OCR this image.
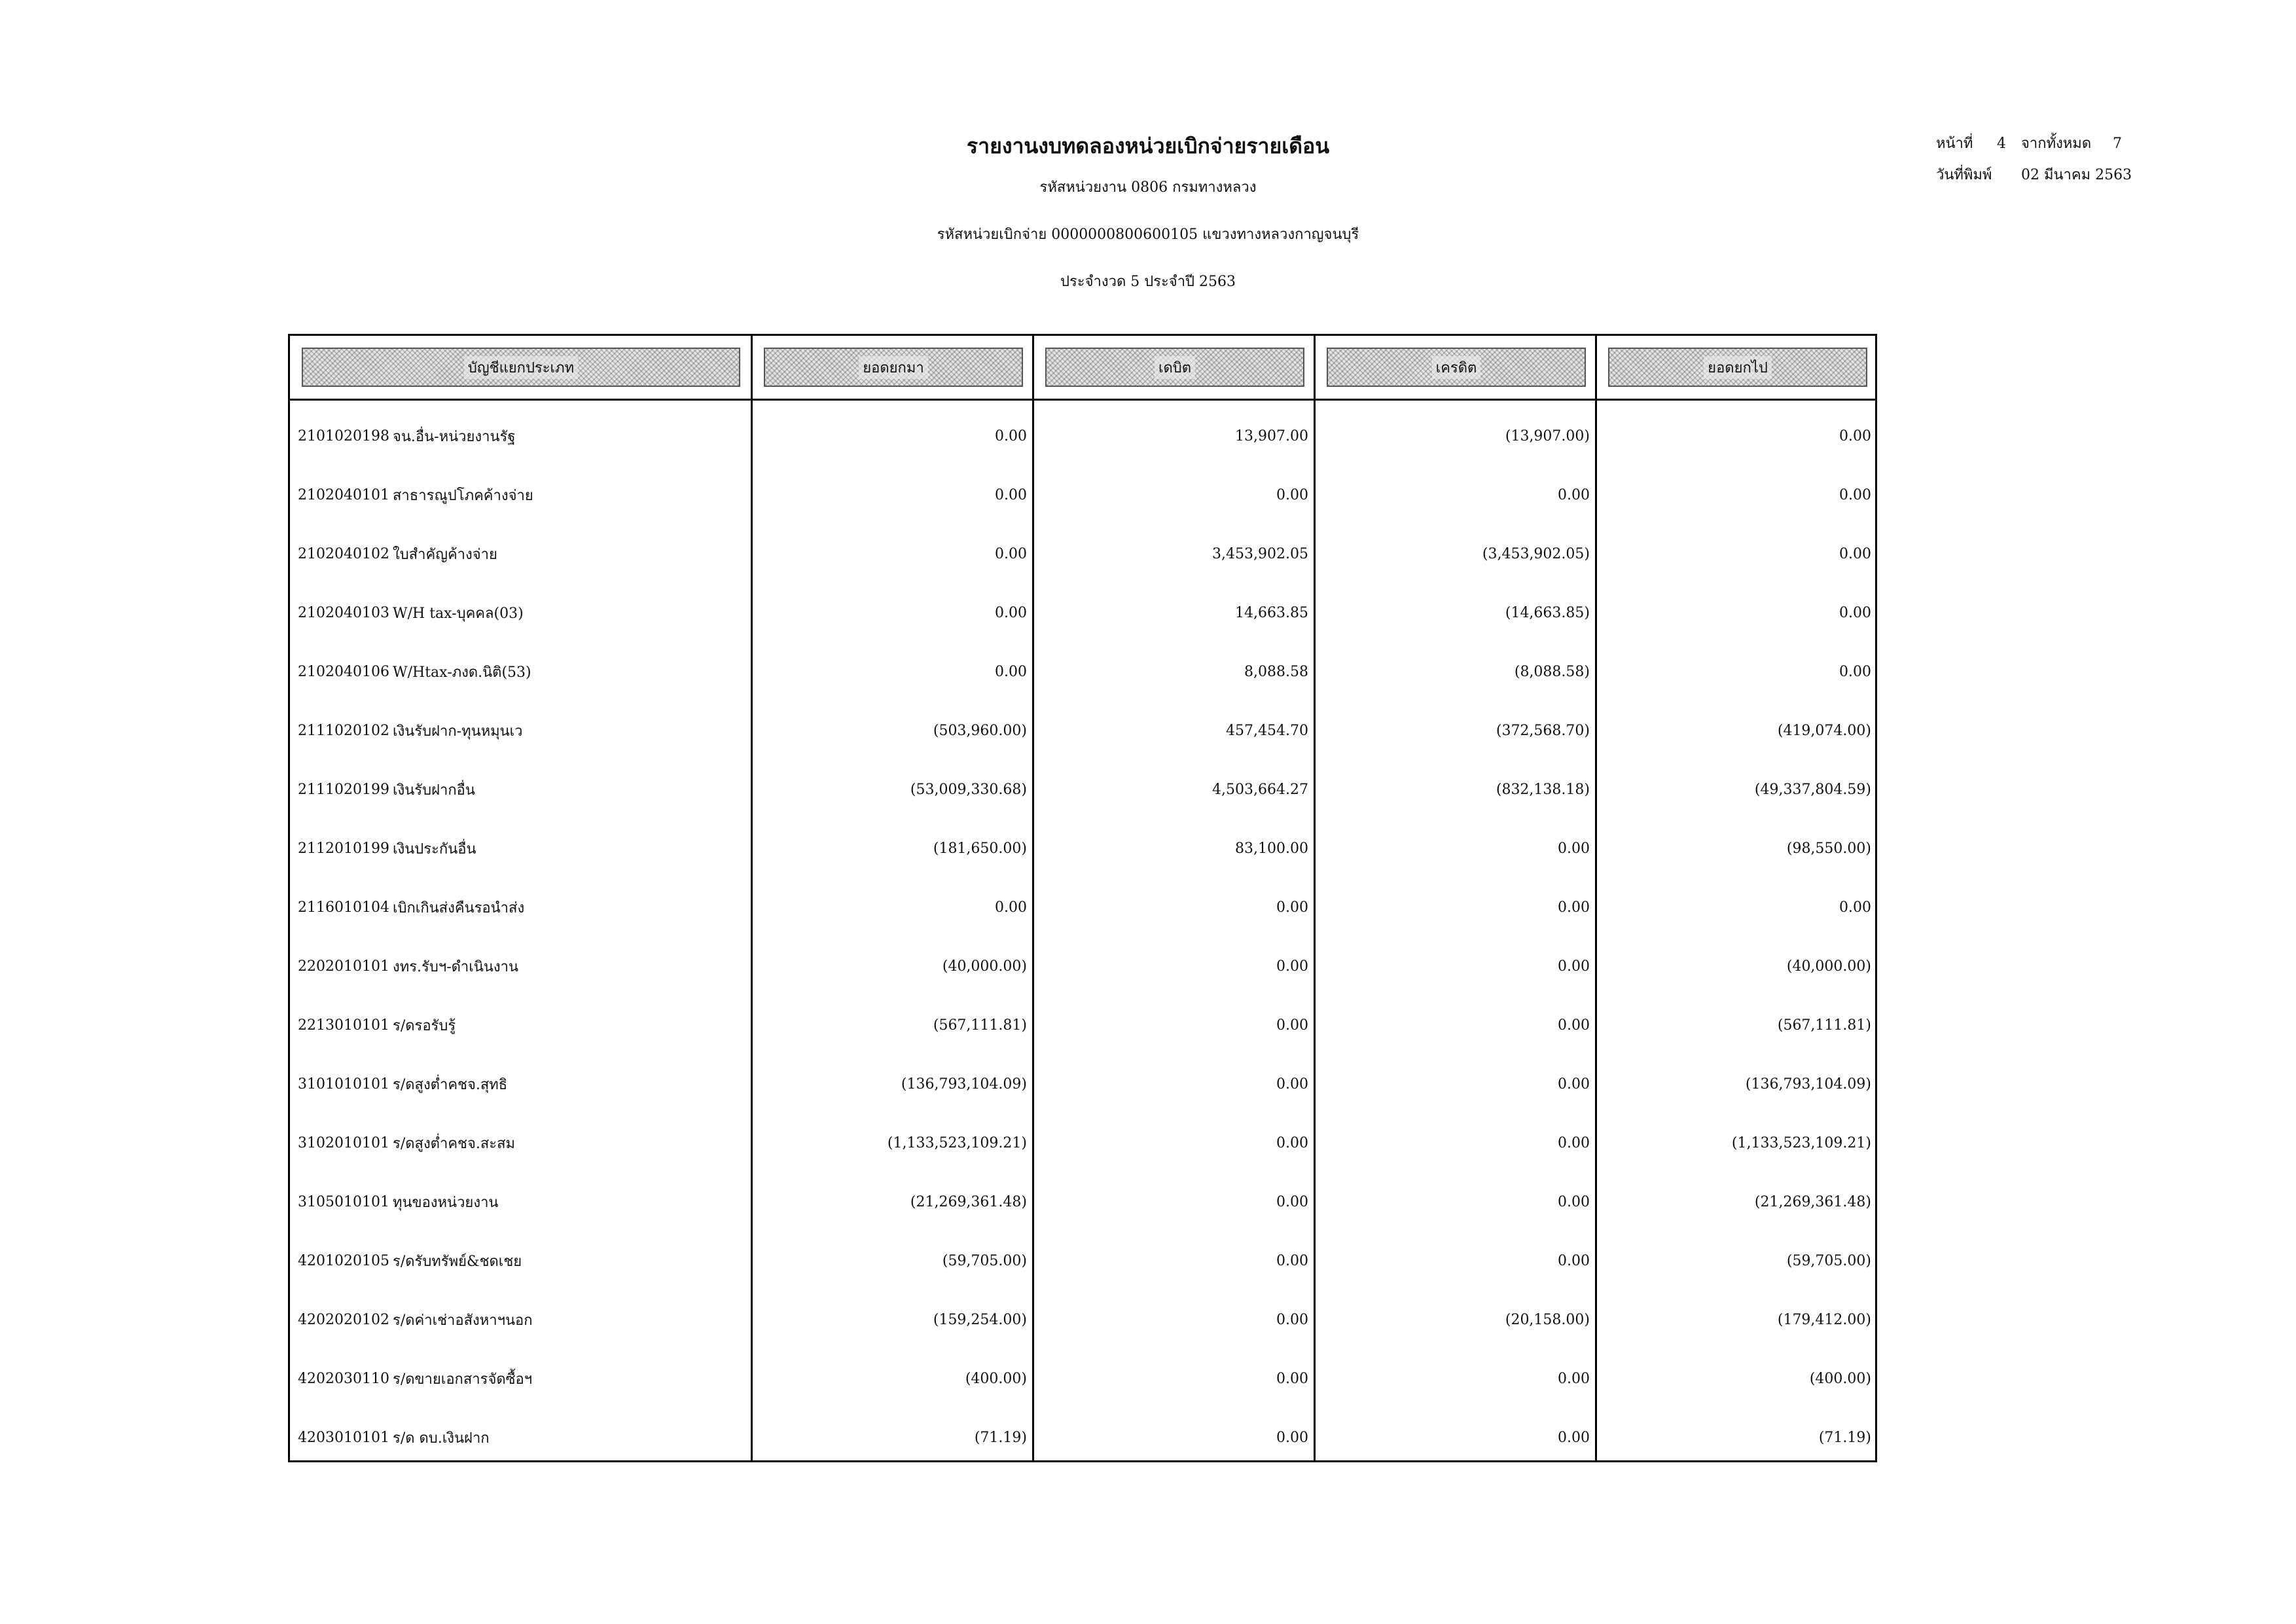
รายงานงบทดลองหน่วยเบิกจ่ายรายเดือน
รหัสหน่วยงาน 0806 กรมทางหลวง
รหัสหน่วยเบิกจ่าย 0000000800600105 แขวงทางหลวงกาญจนบุรี
ประจำงวด 5 ประจำปี 2563
หน้าที่	4	จากทั้งหมด	7
วันที่พิมพ์	02 มีนาคม 2563
บัญชีแยกประเภท	ยอดยกมา	เดบิต	เครดิต	ยอดยกไป
2101020198 จน.อื่น-หน่วยงานรัฐ	0.00	13,907.00	(13,907.00)	0.00
2102040101 สาธารณูปโภคค้างจ่าย	0.00	0.00	0.00	0.00
2102040102 ใบสำคัญค้างจ่าย	0.00	3,453,902.05	(3,453,902.05)	0.00
2102040103 W/H tax-บุคคล(03)	0.00	14,663.85	(14,663.85)	0.00
2102040106 W/Htax-ภงด.นิติ(53)	0.00	8,088.58	(8,088.58)	0.00
2111020102 เงินรับฝาก-ทุนหมุนเว	(503,960.00)	457,454.70	(372,568.70)	(419,074.00)
2111020199 เงินรับฝากอื่น	(53,009,330.68)	4,503,664.27	(832,138.18)	(49,337,804.59)
2112010199 เงินประกันอื่น	(181,650.00)	83,100.00	0.00	(98,550.00)
2116010104 เบิกเกินส่งคืนรอนำส่ง	0.00	0.00	0.00	0.00
2202010101 งทร.รับฯ-ดำเนินงาน	(40,000.00)	0.00	0.00	(40,000.00)
2213010101 ร/ดรอรับรู้	(567,111.81)	0.00	0.00	(567,111.81)
3101010101 ร/ดสูงต่ำคชจ.สุทธิ	(136,793,104.09)	0.00	0.00	(136,793,104.09)
3102010101 ร/ดสูงต่ำคชจ.สะสม	(1,133,523,109.21)	0.00	0.00	(1,133,523,109.21)
3105010101 ทุนของหน่วยงาน	(21,269,361.48)	0.00	0.00	(21,269,361.48)
4201020105 ร/ดรับทรัพย์&ชดเชย	(59,705.00)	0.00	0.00	(59,705.00)
4202020102 ร/ดค่าเช่าอสังหาฯนอก	(159,254.00)	0.00	(20,158.00)	(179,412.00)
4202030110 ร/ดขายเอกสารจัดซื้อฯ	(400.00)	0.00	0.00	(400.00)
4203010101 ร/ด ดบ.เงินฝาก	(71.19)	0.00	0.00	(71.19)
